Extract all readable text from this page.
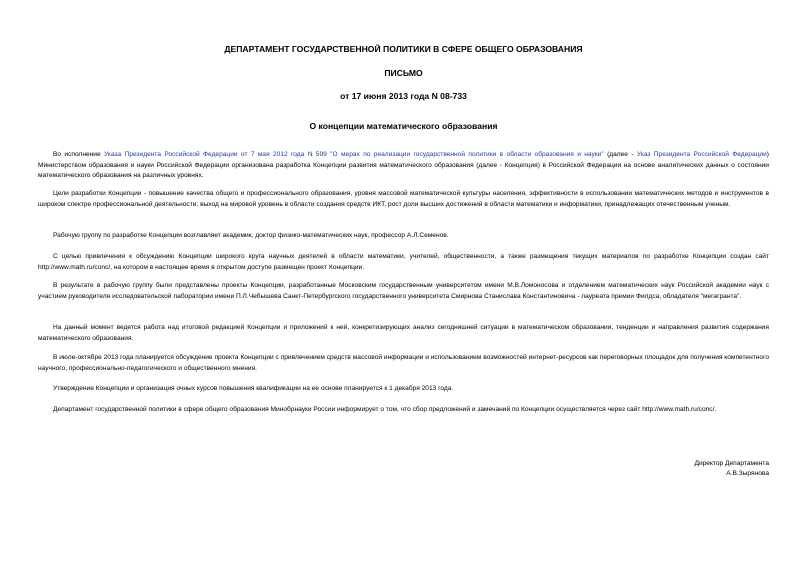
ДЕПАРТАМЕНТ ГОСУДАРСТВЕННОЙ ПОЛИТИКИ В СФЕРЕ ОБЩЕГО ОБРАЗОВАНИЯ
ПИСЬМО
от 17 июня 2013 года N 08-733
О концепции математического образования
Во исполнение Указа Президента Российской Федерации от 7 мая 2012 года N 599 "О мерах по реализации государственной политики в области образования и науки" (далее - Указ Президента Российской Федерации) Министерством образования и науки Российской Федерации организована разработка Концепции развития математического образования (далее - Концепция) в Российской Федерации на основе аналитических данных о состоянии математического образования на различных уровнях.
Цели разработки Концепции - повышение качества общего и профессионального образования, уровня массовой математической культуры населения, эффективности в использовании математических методов и инструментов в широком спектре профессиональной деятельности; выход на мировой уровень в области создания средств ИКТ, рост доли высших достижений в области математики и информатики, принадлежащих отечественным ученым.
Рабочую группу по разработке Концепции возглавляет академик, доктор физико-математических наук, профессор А.Л.Семенов.
С целью привлечения к обсуждению Концепции широкого круга научных деятелей в области математики, учителей, общественности, а также размещения текущих материалов по разработке Концепции создан сайт http://www.math.ru/conc/, на котором в настоящее время в открытом доступе размещен проект Концепции.
В результате в рабочую группу были представлены проекты Концепции, разработанные Московским государственным университетом имени М.В.Ломоносова и отделением математических наук Российской академии наук с участием руководителя исследовательской лаборатории имени П.Л.Чебышева Санкт-Петербургского государственного университета Смирнова Станислава Константиновича - лауреата премии Филдса, обладателя "мегагранта".
На данный момент ведется работа над итоговой редакцией Концепции и приложений к ней, конкретизирующих анализ сегодняшней ситуации в математическом образовании, тенденции и направления развития содержания математического образования.
В июле-октябре 2013 года планируется обсуждение проекта Концепции с привлечением средств массовой информации и использованием возможностей интернет-ресурсов как переговорных площадок для получения компетентного научного, профессионально-педагогического и общественного мнения.
Утверждение Концепции и организация очных курсов повышения квалификации на ее основе планируется к 1 декабря 2013 года.
Департамент государственной политики в сфере общего образования Минобрнауки России информирует о том, что сбор предложений и замечаний по Концепции осуществляется через сайт http://www.math.ru/conc/.
Директор Департамента
А.В.Зырянова
